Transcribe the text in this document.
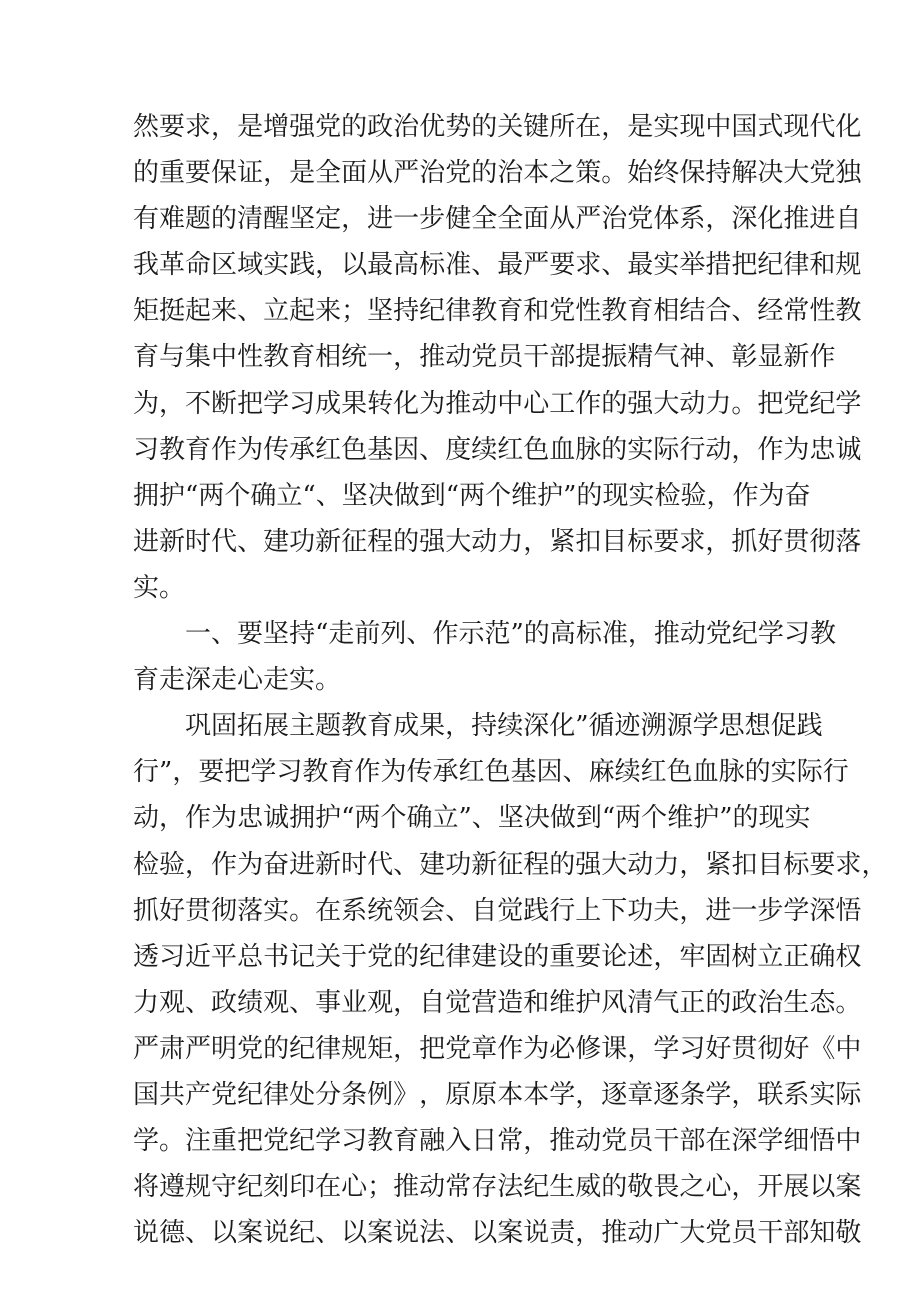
然 要 求 ， 是 增 强 党 的 政 治 优 势 的 关 键 所 在 ， 是 实 现 中 国 式 现 代 化
的 重 要 保 证 ， 是 全 面 从 严 治 党 的 治 本 之 策 。 始 终 保 持 解 决 大 党 独
有 难 题 的 清 醒 坚 定 ， 进 一 步 健 全 全 面 从 严 治 党 体 系 ， 深 化 推 进 自
我 革 命 区 域 实 践 ， 以 最 高 标 准 、 最 严 要 求 、 最 实 举 措 把 纪 律 和 规
矩 挺 起 来 、 立 起 来 ； 坚 持 纪 律 教 育 和 党 性 教 育 相 结 合 、 经 常 性 教
育 与 集 中 性 教 育 相 统 一 ， 推 动 党 员 干 部 提 振 精 气 神 、 彰 显 新 作
为 ， 不 断 把 学 习 成 果 转 化 为 推 动 中 心 工 作 的 强 大 动 力 。 把 党 纪 学
习 教 育 作 为 传 承 红 色 基 因 、 度 续 红 色 血 脉 的 实 际 行 动 ， 作 为 忠 诚
拥 护 “ 两 个 确 立 “ 、 坚 决 做 到 “ 两 个 维 护 ” 的 现 实 检 验 ， 作 为 奋
进 新 时 代 、 建 功 新 征 程 的 强 大 动 力 ， 紧 扣 目 标 要 求 ， 抓 好 贯 彻 落
实。
一 、 要 坚 持 “ 走 前 列 、 作 示 范 ” 的 高 标 准 ， 推 动 党 纪 学 习 教
育走深走心走实。
巩 固 拓 展 主 题 教 育 成 果 ， 持 续 深 化 ” 循 迹 溯 源 学 思 想 促 践
行 ” ， 要 把 学 习 教 育 作 为 传 承 红 色 基 因 、 麻 续 红 色 血 脉 的 实 际 行
动 ， 作 为 忠 诚 拥 护 “ 两 个 确 立 ” 、 坚 决 做 到 “ 两 个 维 护 ” 的 现 实
检 验 ， 作 为 奋 进 新 时 代 、 建 功 新 征 程 的 强 大 动 力 ， 紧 扣 目 标 要 求 ，
抓 好 贯 彻 落 实 。 在 系 统 领 会 、 自 觉 践 行 上 下 功 夫 ， 进 一 步 学 深 悟
透 习 近 平 总 书 记 关 于 党 的 纪 律 建 设 的 重 要 论 述 ， 牢 固 树 立 正 确 权
力 观 、 政 绩 观 、 事 业 观 ， 自 觉 营 造 和 维 护 风 清 气 正 的 政 治 生 态 。
严 肃 严 明 党 的 纪 律 规 矩 ， 把 党 章 作 为 必 修 课 ， 学 习 好 贯 彻 好 《 中
国 共 产 党 纪 律 处 分 条 例 》 ， 原 原 本 本 学 ， 逐 章 逐 条 学 ， 联 系 实 际
学 。 注 重 把 党 纪 学 习 教 育 融 入 日 常 ， 推 动 党 员 干 部 在 深 学 细 悟 中
将 遵 规 守 纪 刻 印 在 心 ； 推 动 常 存 法 纪 生 威 的 敬 畏 之 心 ， 开 展 以 案
说 德 、 以 案 说 纪 、 以 案 说 法 、 以 案 说 责 ， 推 动 广 大 党 员 干 部 知 敬
